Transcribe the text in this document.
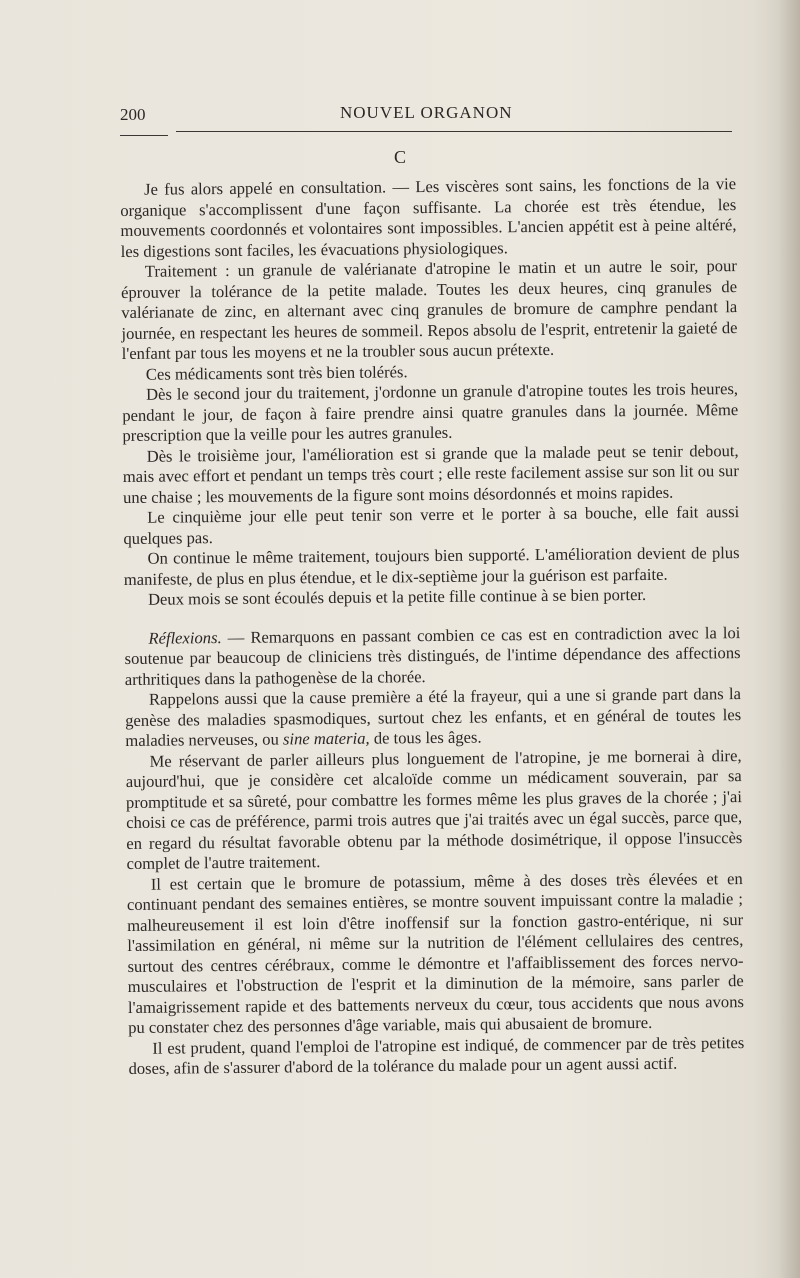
200	NOUVEL ORGANON
C

Je fus alors appelé en consultation. — Les viscères sont sains, les fonctions de la vie organique s'accomplissent d'une façon suffisante. La chorée est très étendue, les mouvements coordonnés et volontaires sont impossibles. L'ancien appétit est à peine altéré, les digestions sont faciles, les évacuations physiologiques.

Traitement : un granule de valérianate d'atropine le matin et un autre le soir, pour éprouver la tolérance de la petite malade. Toutes les deux heures, cinq granules de valérianate de zinc, en alternant avec cinq granules de bromure de camphre pendant la journée, en respectant les heures de sommeil. Repos absolu de l'esprit, entretenir la gaieté de l'enfant par tous les moyens et ne la troubler sous aucun prétexte.

Ces médicaments sont très bien tolérés.

Dès le second jour du traitement, j'ordonne un granule d'atropine toutes les trois heures, pendant le jour, de façon à faire prendre ainsi quatre granules dans la journée. Même prescription que la veille pour les autres granules.

Dès le troisième jour, l'amélioration est si grande que la malade peut se tenir debout, mais avec effort et pendant un temps très court ; elle reste facilement assise sur son lit ou sur une chaise ; les mouvements de la figure sont moins désordonnés et moins rapides.

Le cinquième jour elle peut tenir son verre et le porter à sa bouche, elle fait aussi quelques pas.

On continue le même traitement, toujours bien supporté. L'amélioration devient de plus manifeste, de plus en plus étendue, et le dix-septième jour la guérison est parfaite.

Deux mois se sont écoulés depuis et la petite fille continue à se bien porter.

Réflexions. — Remarquons en passant combien ce cas est en contradiction avec la loi soutenue par beaucoup de cliniciens très distingués, de l'intime dépendance des affections arthritiques dans la pathogenèse de la chorée.

Rappelons aussi que la cause première a été la frayeur, qui a une si grande part dans la genèse des maladies spasmodiques, surtout chez les enfants, et en général de toutes les maladies nerveuses, ou sine materia, de tous les âges.

Me réservant de parler ailleurs plus longuement de l'atropine, je me bornerai à dire, aujourd'hui, que je considère cet alcaloïde comme un médicament souverain, par sa promptitude et sa sûreté, pour combattre les formes même les plus graves de la chorée ; j'ai choisi ce cas de préférence, parmi trois autres que j'ai traités avec un égal succès, parce que, en regard du résultat favorable obtenu par la méthode dosimétrique, il oppose l'insuccès complet de l'autre traitement.

Il est certain que le bromure de potassium, même à des doses très élevées et en continuant pendant des semaines entières, se montre souvent impuissant contre la maladie ; malheureusement il est loin d'être inoffensif sur la fonction gastro-entérique, ni sur l'assimilation en général, ni même sur la nutrition de l'élément cellulaires des centres, surtout des centres cérébraux, comme le démontre et l'affaiblissement des forces nervo-musculaires et l'obstruction de l'esprit et la diminution de la mémoire, sans parler de l'amaigrissement rapide et des battements nerveux du cœur, tous accidents que nous avons pu constater chez des personnes d'âge variable, mais qui abusaient de bromure.

Il est prudent, quand l'emploi de l'atropine est indiqué, de commencer par de très petites doses, afin de s'assurer d'abord de la tolérance du malade pour un agent aussi actif.
